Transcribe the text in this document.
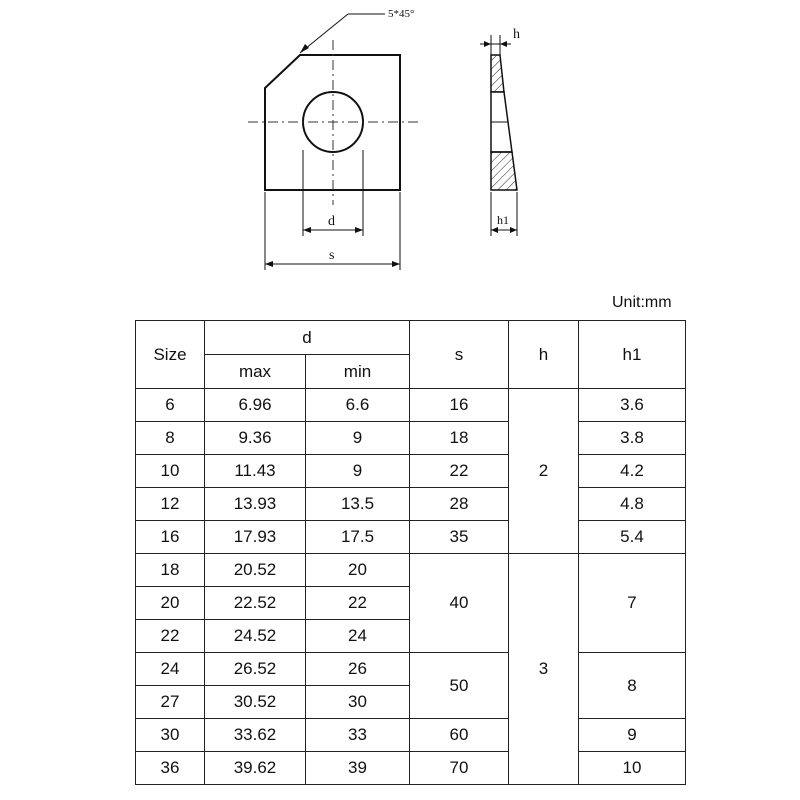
5*45°
d
s
h
h1
Unit:mm
Size	d		s	h	h1
	max	min			
6	6.96	6.6	16	2	3.6
8	9.36	9	18		3.8
10	11.43	9	22		4.2
12	13.93	13.5	28		4.8
16	17.93	17.5	35		5.4
18	20.52	20	40	3	7
20	22.52	22			
22	24.52	24			
24	26.52	26	50		8
27	30.52	30			
30	33.62	33	60		9
36	39.62	39	70		10
